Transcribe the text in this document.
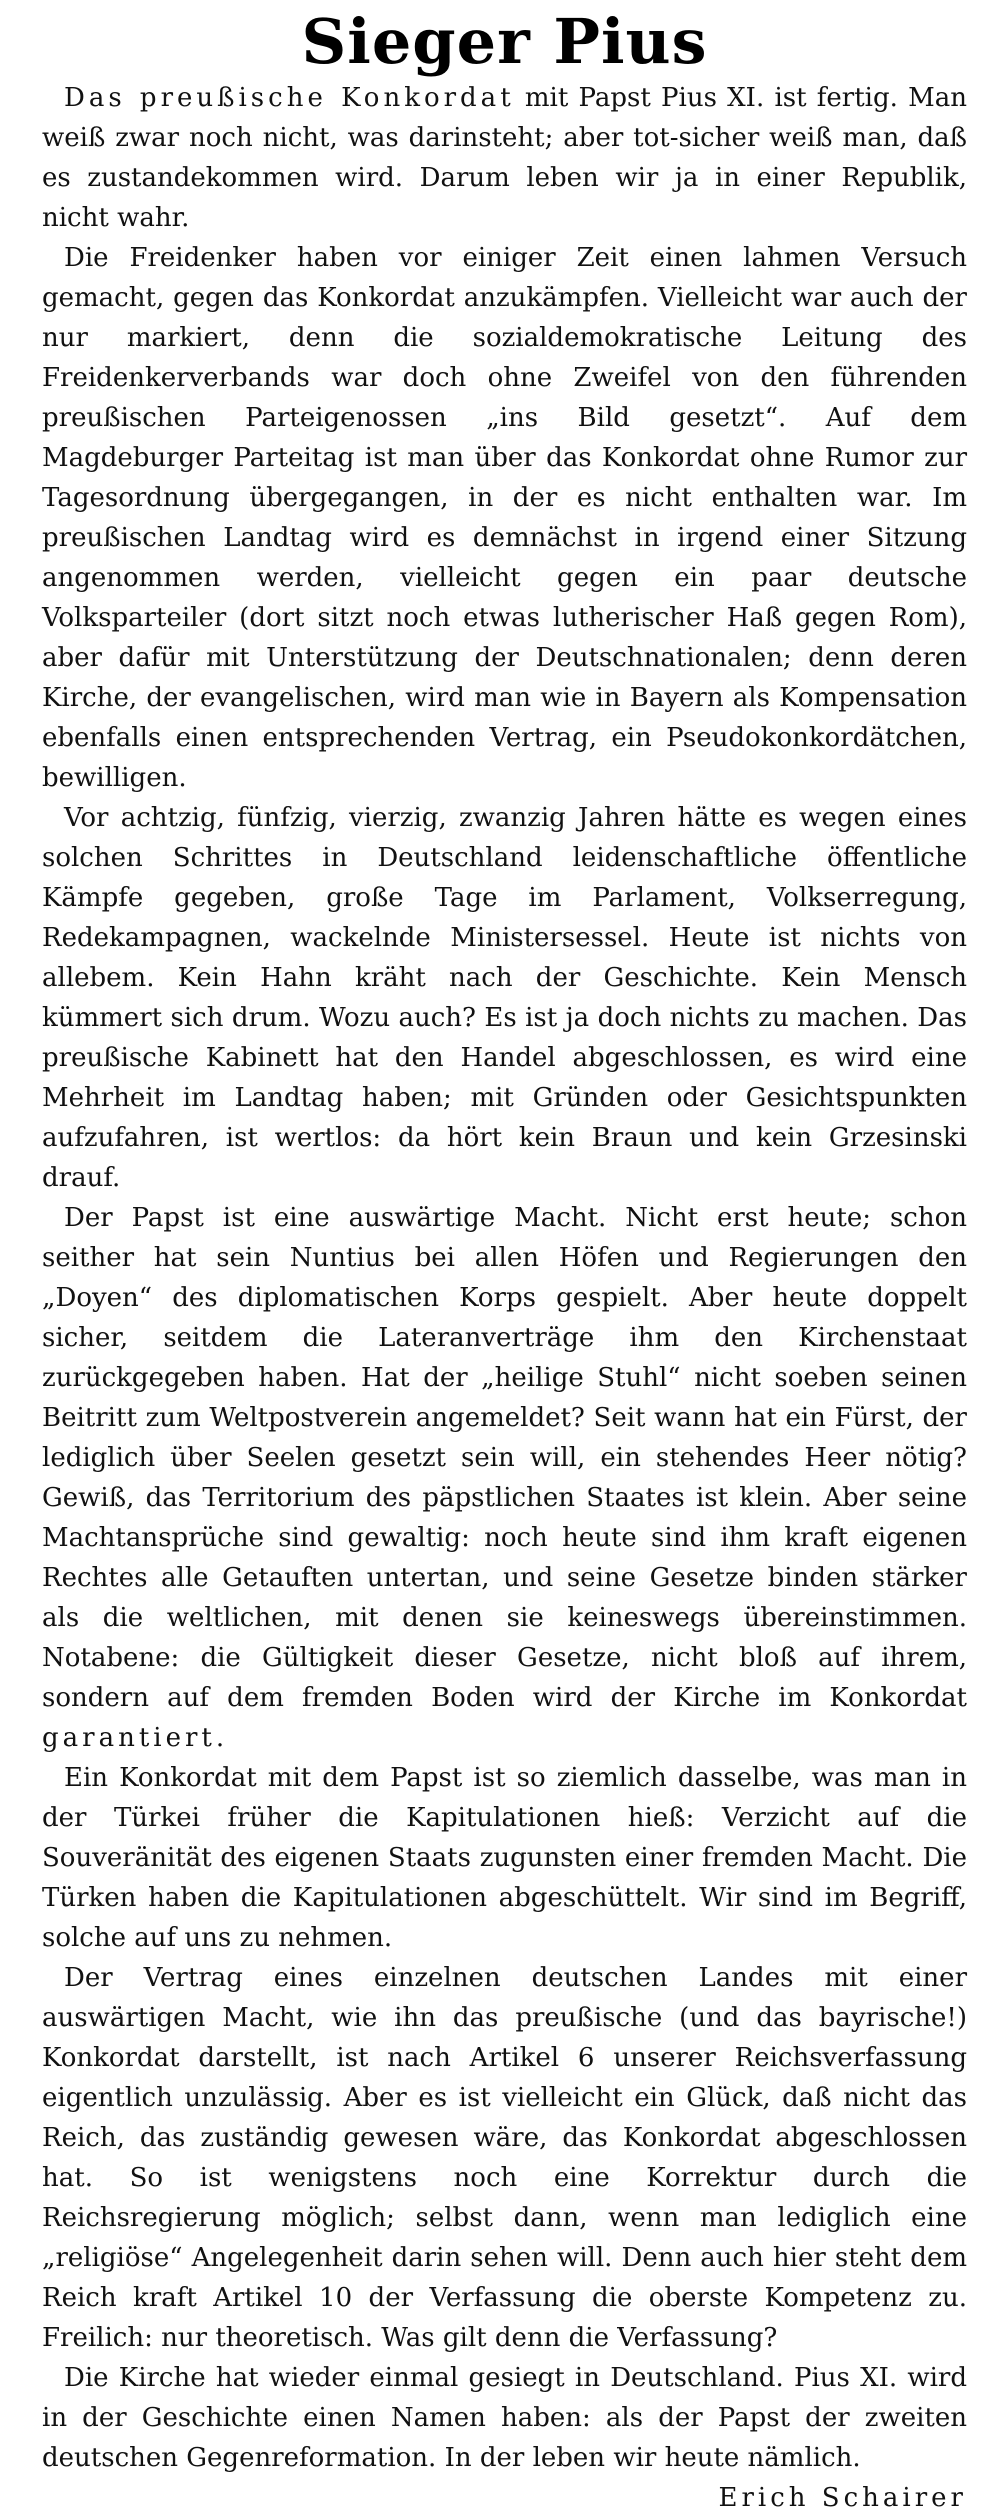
Sieger Pius

Das preußische Konkordat mit Papst Pius XI. ist fertig. Man weiß zwar noch nicht, was darinsteht; aber tot-sicher weiß man, daß es zustandekommen wird. Darum leben wir ja in einer Republik, nicht wahr.

Die Freidenker haben vor einiger Zeit einen lahmen Versuch gemacht, gegen das Konkordat anzukämpfen. Vielleicht war auch der nur markiert, denn die sozialdemokratische Leitung des Freidenkerverbands war doch ohne Zweifel von den führenden preußischen Parteigenossen „ins Bild gesetzt“. Auf dem Magdeburger Parteitag ist man über das Konkordat ohne Rumor zur Tagesordnung übergegangen, in der es nicht enthalten war. Im preußischen Landtag wird es demnächst in irgend einer Sitzung angenommen werden, vielleicht gegen ein paar deutsche Volksparteiler (dort sitzt noch etwas lutherischer Haß gegen Rom), aber dafür mit Unterstützung der Deutschnationalen; denn deren Kirche, der evangelischen, wird man wie in Bayern als Kompensation ebenfalls einen entsprechenden Vertrag, ein Pseudokonkordätchen, bewilligen.

Vor achtzig, fünfzig, vierzig, zwanzig Jahren hätte es wegen eines solchen Schrittes in Deutschland leidenschaftliche öffentliche Kämpfe gegeben, große Tage im Parlament, Volkserregung, Redekampagnen, wackelnde Ministersessel. Heute ist nichts von allebem. Kein Hahn kräht nach der Geschichte. Kein Mensch kümmert sich drum. Wozu auch? Es ist ja doch nichts zu machen. Das preußische Kabinett hat den Handel abgeschlossen, es wird eine Mehrheit im Landtag haben; mit Gründen oder Gesichtspunkten aufzufahren, ist wertlos: da hört kein Braun und kein Grzesinski drauf.

Der Papst ist eine auswärtige Macht. Nicht erst heute; schon seither hat sein Nuntius bei allen Höfen und Regierungen den „Doyen“ des diplomatischen Korps gespielt. Aber heute doppelt sicher, seitdem die Lateranverträge ihm den Kirchenstaat zurückgegeben haben. Hat der „heilige Stuhl“ nicht soeben seinen Beitritt zum Weltpostverein angemeldet? Seit wann hat ein Fürst, der lediglich über Seelen gesetzt sein will, ein stehendes Heer nötig? Gewiß, das Territorium des päpstlichen Staates ist klein. Aber seine Machtansprüche sind gewaltig: noch heute sind ihm kraft eigenen Rechtes alle Getauften untertan, und seine Gesetze binden stärker als die weltlichen, mit denen sie keineswegs übereinstimmen. Notabene: die Gültigkeit dieser Gesetze, nicht bloß auf ihrem, sondern auf dem fremden Boden wird der Kirche im Konkordat garantiert.

Ein Konkordat mit dem Papst ist so ziemlich dasselbe, was man in der Türkei früher die Kapitulationen hieß: Verzicht auf die Souveränität des eigenen Staats zugunsten einer fremden Macht. Die Türken haben die Kapitulationen abgeschüttelt. Wir sind im Begriff, solche auf uns zu nehmen.

Der Vertrag eines einzelnen deutschen Landes mit einer auswärtigen Macht, wie ihn das preußische (und das bayrische!) Konkordat darstellt, ist nach Artikel 6 unserer Reichsverfassung eigentlich unzulässig. Aber es ist vielleicht ein Glück, daß nicht das Reich, das zuständig gewesen wäre, das Konkordat abgeschlossen hat. So ist wenigstens noch eine Korrektur durch die Reichsregierung möglich; selbst dann, wenn man lediglich eine „religiöse“ Angelegenheit darin sehen will. Denn auch hier steht dem Reich kraft Artikel 10 der Verfassung die oberste Kompetenz zu. Freilich: nur theoretisch. Was gilt denn die Verfassung?

Die Kirche hat wieder einmal gesiegt in Deutschland. Pius XI. wird in der Geschichte einen Namen haben: als der Papst der zweiten deutschen Gegenreformation. In der leben wir heute nämlich.
Erich Schairer
